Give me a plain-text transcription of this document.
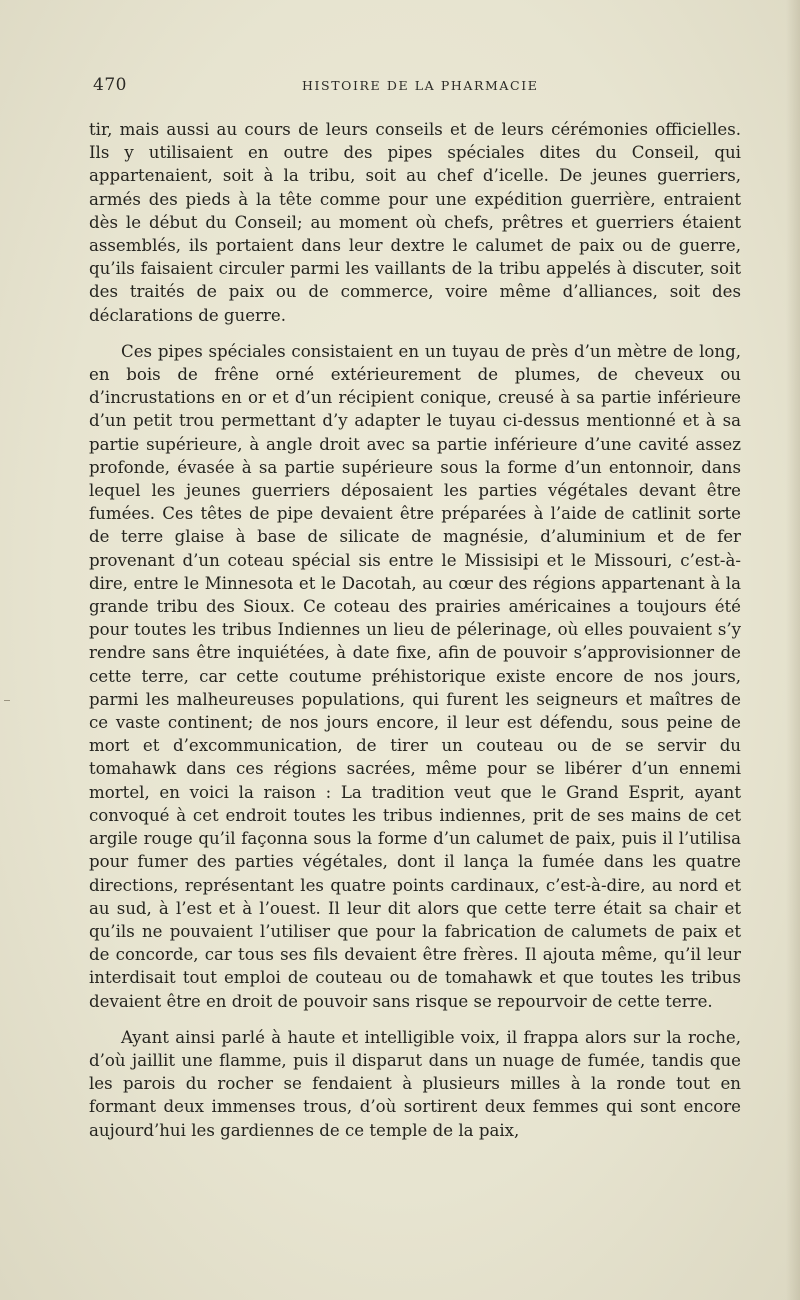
470	HISTOIRE DE LA PHARMACIE

tir, mais aussi au cours de leurs conseils et de leurs cérémonies officielles. Ils y utilisaient en outre des pipes spéciales dites du Conseil, qui appartenaient, soit à la tribu, soit au chef d’icelle. De jeunes guerriers, armés des pieds à la tête comme pour une expédition guerrière, entraient dès le début du Conseil; au moment où chefs, prêtres et guerriers étaient assemblés, ils portaient dans leur dextre le calumet de paix ou de guerre, qu’ils faisaient circuler parmi les vaillants de la tribu appelés à discuter, soit des traités de paix ou de commerce, voire même d’alliances, soit des déclarations de guerre.

Ces pipes spéciales consistaient en un tuyau de près d’un mètre de long, en bois de frêne orné extérieurement de plumes, de cheveux ou d’incrustations en or et d’un récipient conique, creusé à sa partie inférieure d’un petit trou permettant d’y adapter le tuyau ci-dessus mentionné et à sa partie supérieure, à angle droit avec sa partie inférieure d’une cavité assez profonde, évasée à sa partie supérieure sous la forme d’un entonnoir, dans lequel les jeunes guerriers déposaient les parties végétales devant être fumées. Ces têtes de pipe devaient être préparées à l’aide de catlinit sorte de terre glaise à base de silicate de magnésie, d’aluminium et de fer provenant d’un coteau spécial sis entre le Missisipi et le Missouri, c’est-à-dire, entre le Minnesota et le Dacotah, au cœur des régions appartenant à la grande tribu des Sioux. Ce coteau des prairies américaines a toujours été pour toutes les tribus Indiennes un lieu de pélerinage, où elles pouvaient s’y rendre sans être inquiétées, à date fixe, afin de pouvoir s’approvisionner de cette terre, car cette coutume préhistorique existe encore de nos jours, parmi les malheureuses populations, qui furent les seigneurs et maîtres de ce vaste continent; de nos jours encore, il leur est défendu, sous peine de mort et d’excommunication, de tirer un couteau ou de se servir du tomahawk dans ces régions sacrées, même pour se libérer d’un ennemi mortel, en voici la raison : La tradition veut que le Grand Esprit, ayant convoqué à cet endroit toutes les tribus indiennes, prit de ses mains de cet argile rouge qu’il façonna sous la forme d’un calumet de paix, puis il l’utilisa pour fumer des parties végétales, dont il lança la fumée dans les quatre directions, représentant les quatre points cardinaux, c’est-à-dire, au nord et au sud, à l’est et à l’ouest. Il leur dit alors que cette terre était sa chair et qu’ils ne pouvaient l’utiliser que pour la fabrication de calumets de paix et de concorde, car tous ses fils devaient être frères. Il ajouta même, qu’il leur interdisait tout emploi de couteau ou de tomahawk et que toutes les tribus devaient être en droit de pouvoir sans risque se repourvoir de cette terre.

Ayant ainsi parlé à haute et intelligible voix, il frappa alors sur la roche, d’où jaillit une flamme, puis il disparut dans un nuage de fumée, tandis que les parois du rocher se fendaient à plusieurs milles à la ronde tout en formant deux immenses trous, d’où sortirent deux femmes qui sont encore aujourd’hui les gardiennes de ce temple de la paix,
